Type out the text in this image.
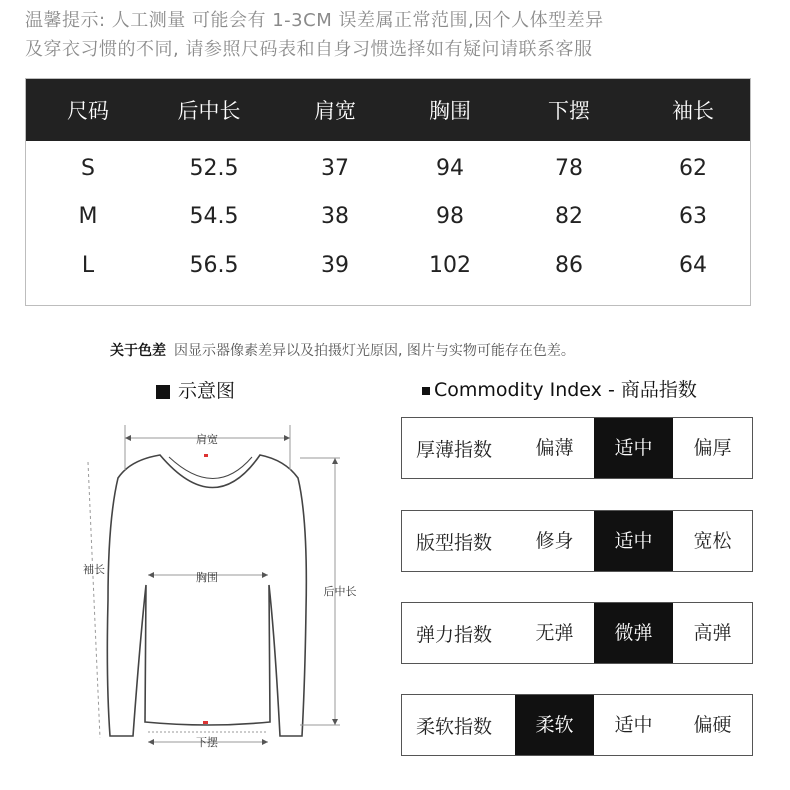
温馨提示: 人工测量 可能会有 1-3CM 误差属正常范围,因个人体型差异
及穿衣习惯的不同, 请参照尺码表和自身习惯选择如有疑问请联系客服
尺码	后中长	肩宽	胸围	下摆	袖长
S	52.5	37	94	78	62
M	54.5	38	98	82	63
L	56.5	39	102	86	64
关于色差 因显示器像素差异以及拍摄灯光原因, 图片与实物可能存在色差。
示意图	Commodity Index - 商品指数
肩宽
袖长
胸围
后中长
下摆
厚薄指数	偏薄	适中	偏厚
版型指数	修身	适中	宽松
弹力指数	无弹	微弹	高弹
柔软指数	柔软	适中	偏硬
